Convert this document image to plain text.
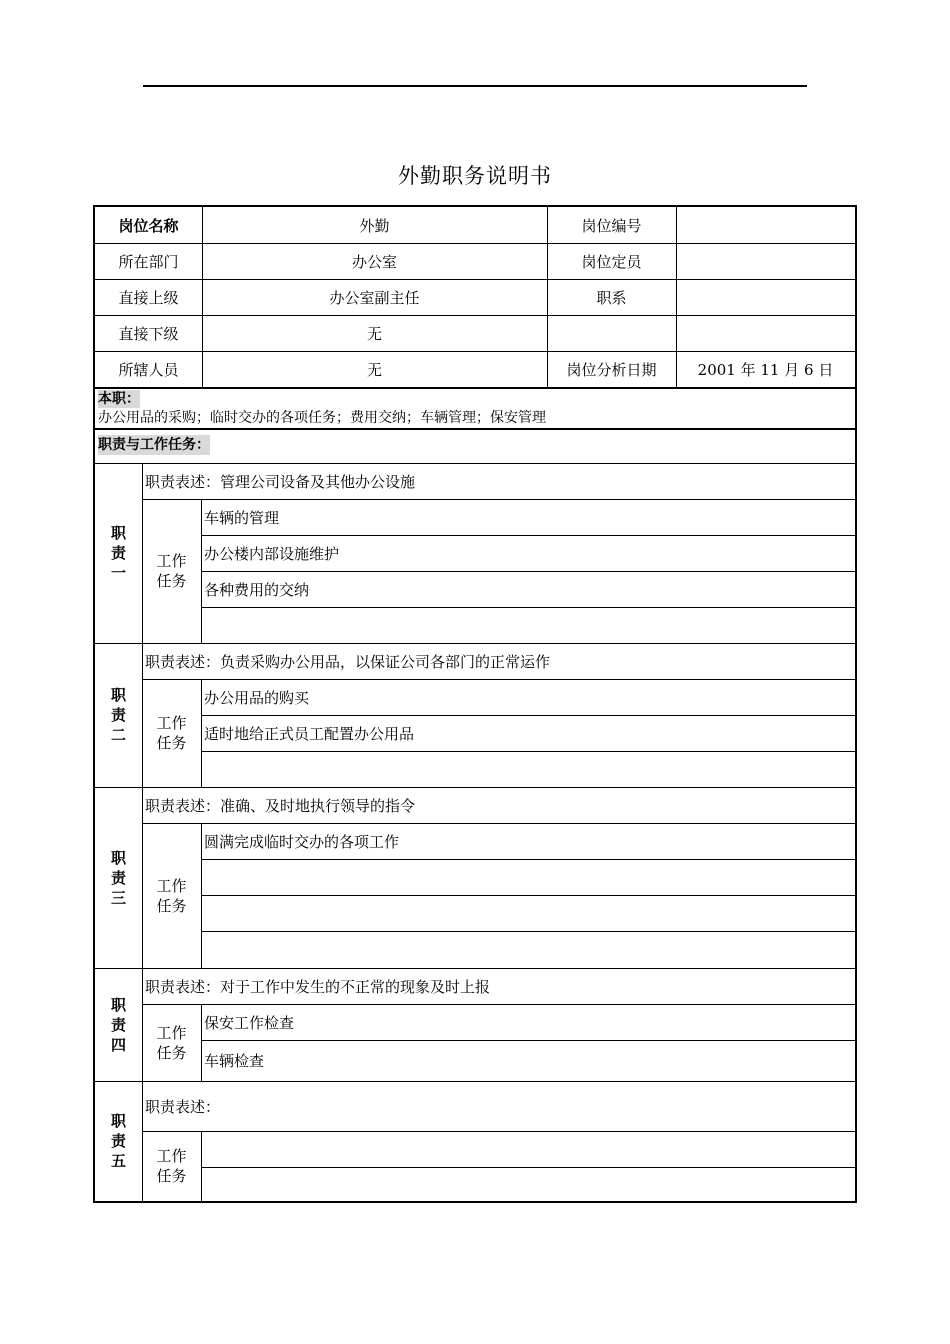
外勤职务说明书
岗位名称	外勤	岗位编号
所在部门	办公室	岗位定员
直接上级	办公室副主任	职系
直接下级	无
所辖人员	无	岗位分析日期	2001 年 11 月 6 日
本职：
办公用品的采购；临时交办的各项任务；费用交纳；车辆管理；保安管理
职责与工作任务：
职责一
职责表述：管理公司设备及其他办公设施
工作任务
车辆的管理
办公楼内部设施维护
各种费用的交纳
职责二
职责表述：负责采购办公用品，以保证公司各部门的正常运作
工作任务
办公用品的购买
适时地给正式员工配置办公用品
职责三
职责表述：准确、及时地执行领导的指令
工作任务
圆满完成临时交办的各项工作
职责四
职责表述：对于工作中发生的不正常的现象及时上报
工作任务
保安工作检查
车辆检查
职责五
职责表述：
工作任务
